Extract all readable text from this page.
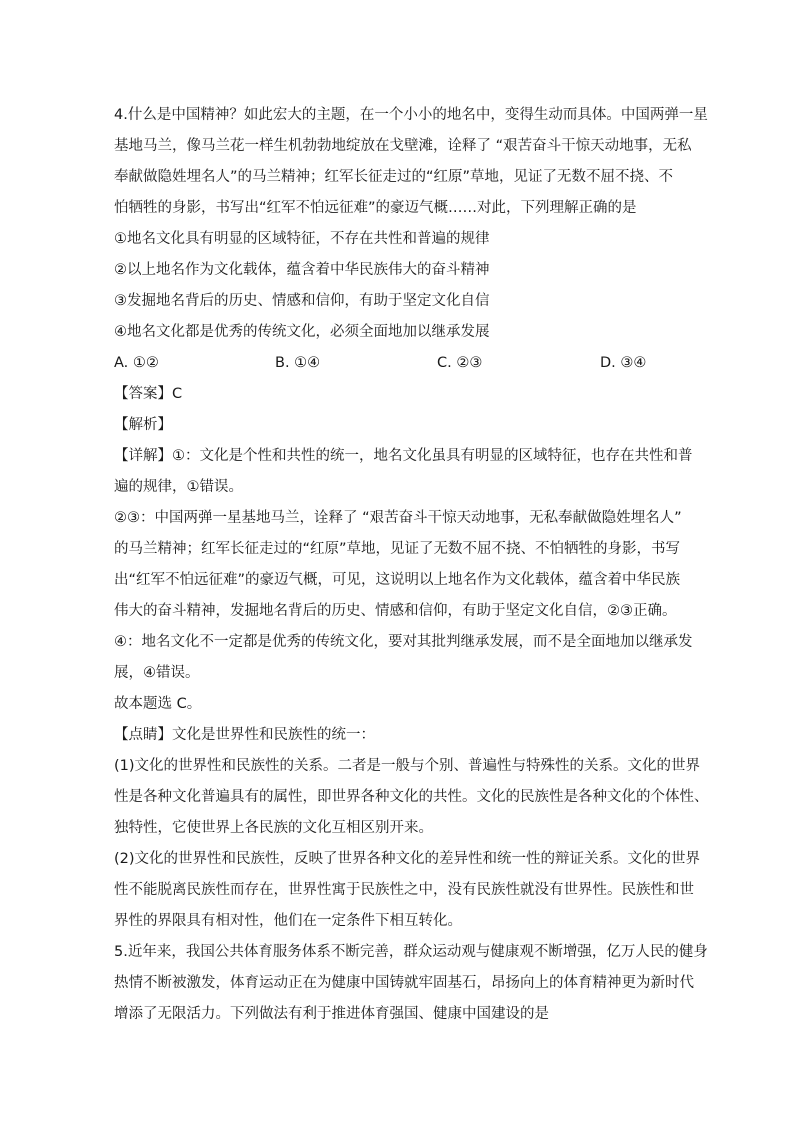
4.什么是中国精神？如此宏大的主题，在一个小小的地名中，变得生动而具体。中国两弹一星
基地马兰，像马兰花一样生机勃勃地绽放在戈壁滩，诠释了 “艰苦奋斗干惊天动地事，无私
奉献做隐姓埋名人”的马兰精神；红军长征走过的“红原”草地，见证了无数不屈不挠、不
怕牺牲的身影，书写出“红军不怕远征难”的豪迈气概……对此，下列理解正确的是
①地名文化具有明显的区域特征，不存在共性和普遍的规律
②以上地名作为文化载体，蕴含着中华民族伟大的奋斗精神
③发掘地名背后的历史、情感和信仰，有助于坚定文化自信
④地名文化都是优秀的传统文化，必须全面地加以继承发展
A. ①②	B. ①④	C. ②③	D. ③④
【答案】C
【解析】
【详解】①：文化是个性和共性的统一，地名文化虽具有明显的区域特征，也存在共性和普
遍的规律，①错误。
②③：中国两弹一星基地马兰，诠释了 “艰苦奋斗干惊天动地事，无私奉献做隐姓埋名人”
的马兰精神；红军长征走过的“红原”草地，见证了无数不屈不挠、不怕牺牲的身影，书写
出“红军不怕远征难”的豪迈气概，可见，这说明以上地名作为文化载体，蕴含着中华民族
伟大的奋斗精神，发掘地名背后的历史、情感和信仰，有助于坚定文化自信，②③正确。
④：地名文化不一定都是优秀的传统文化，要对其批判继承发展，而不是全面地加以继承发
展，④错误。
故本题选 C。
【点睛】文化是世界性和民族性的统一：
(1)文化的世界性和民族性的关系。二者是一般与个别、普遍性与特殊性的关系。文化的世界
性是各种文化普遍具有的属性，即世界各种文化的共性。文化的民族性是各种文化的个体性、
独特性，它使世界上各民族的文化互相区别开来。
(2)文化的世界性和民族性，反映了世界各种文化的差异性和统一性的辩证关系。文化的世界
性不能脱离民族性而存在，世界性寓于民族性之中，没有民族性就没有世界性。民族性和世
界性的界限具有相对性，他们在一定条件下相互转化。
5.近年来，我国公共体育服务体系不断完善，群众运动观与健康观不断增强，亿万人民的健身
热情不断被激发，体育运动正在为健康中国铸就牢固基石，昂扬向上的体育精神更为新时代
增添了无限活力。下列做法有利于推进体育强国、健康中国建设的是
